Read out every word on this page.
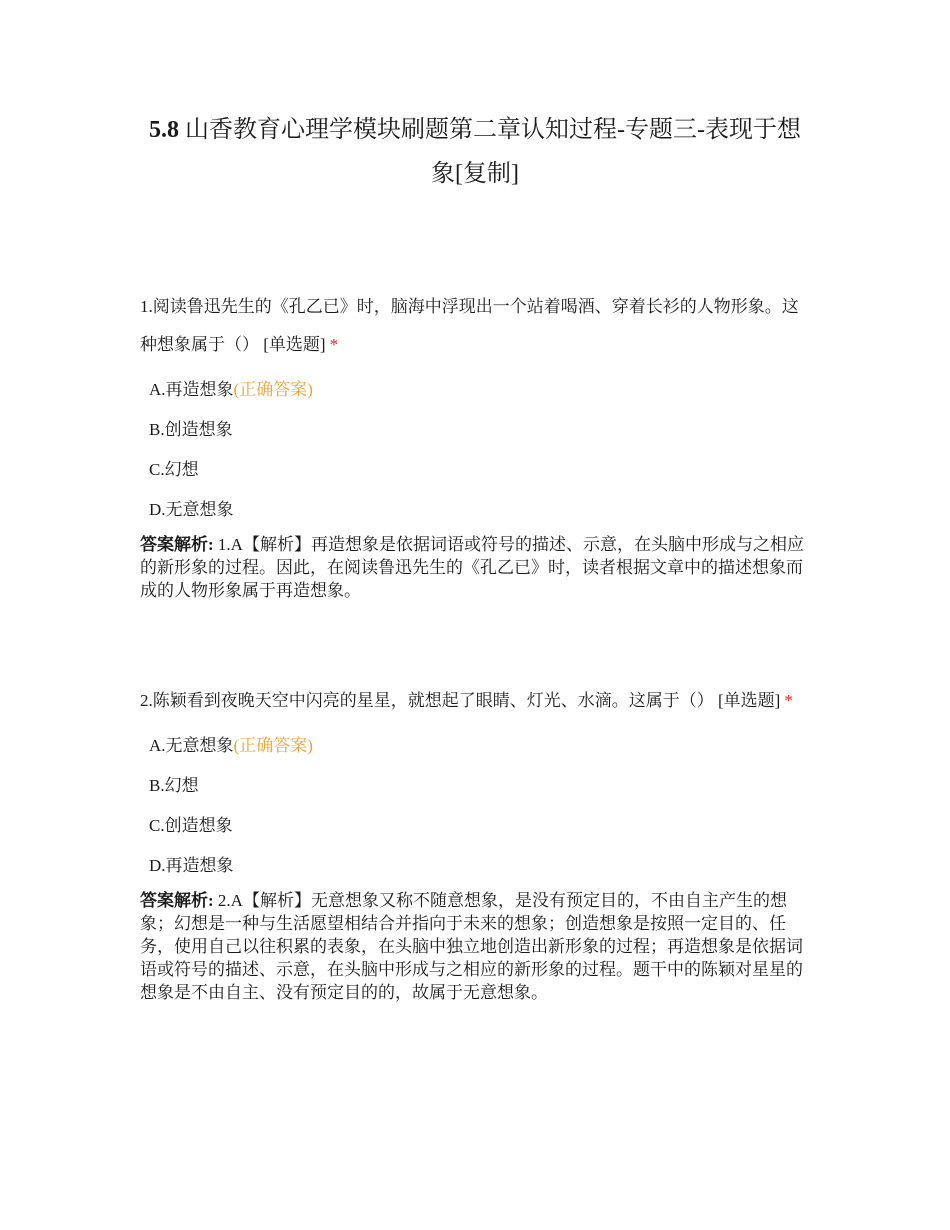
5.8 山香教育心理学模块刷题第二章认知过程-专题三-表现于想象[复制]

1.阅读鲁迅先生的《孔乙已》时，脑海中浮现出一个站着喝酒、穿着长衫的人物形象。这种想象属于（） [单选题] *

A.再造想象(正确答案)
B.创造想象
C.幻想
D.无意想象
答案解析: 1.A【解析】再造想象是依据词语或符号的描述、示意，在头脑中形成与之相应的新形象的过程。因此，在阅读鲁迅先生的《孔乙已》时，读者根据文章中的描述想象而成的人物形象属于再造想象。

2.陈颖看到夜晚天空中闪亮的星星，就想起了眼睛、灯光、水滴。这属于（） [单选题] *

A.无意想象(正确答案)
B.幻想
C.创造想象
D.再造想象
答案解析: 2.A【解析】无意想象又称不随意想象，是没有预定目的，不由自主产生的想象；幻想是一种与生活愿望相结合并指向于未来的想象；创造想象是按照一定目的、任务，使用自己以往积累的表象，在头脑中独立地创造出新形象的过程；再造想象是依据词语或符号的描述、示意，在头脑中形成与之相应的新形象的过程。题干中的陈颖对星星的想象是不由自主、没有预定目的的，故属于无意想象。
